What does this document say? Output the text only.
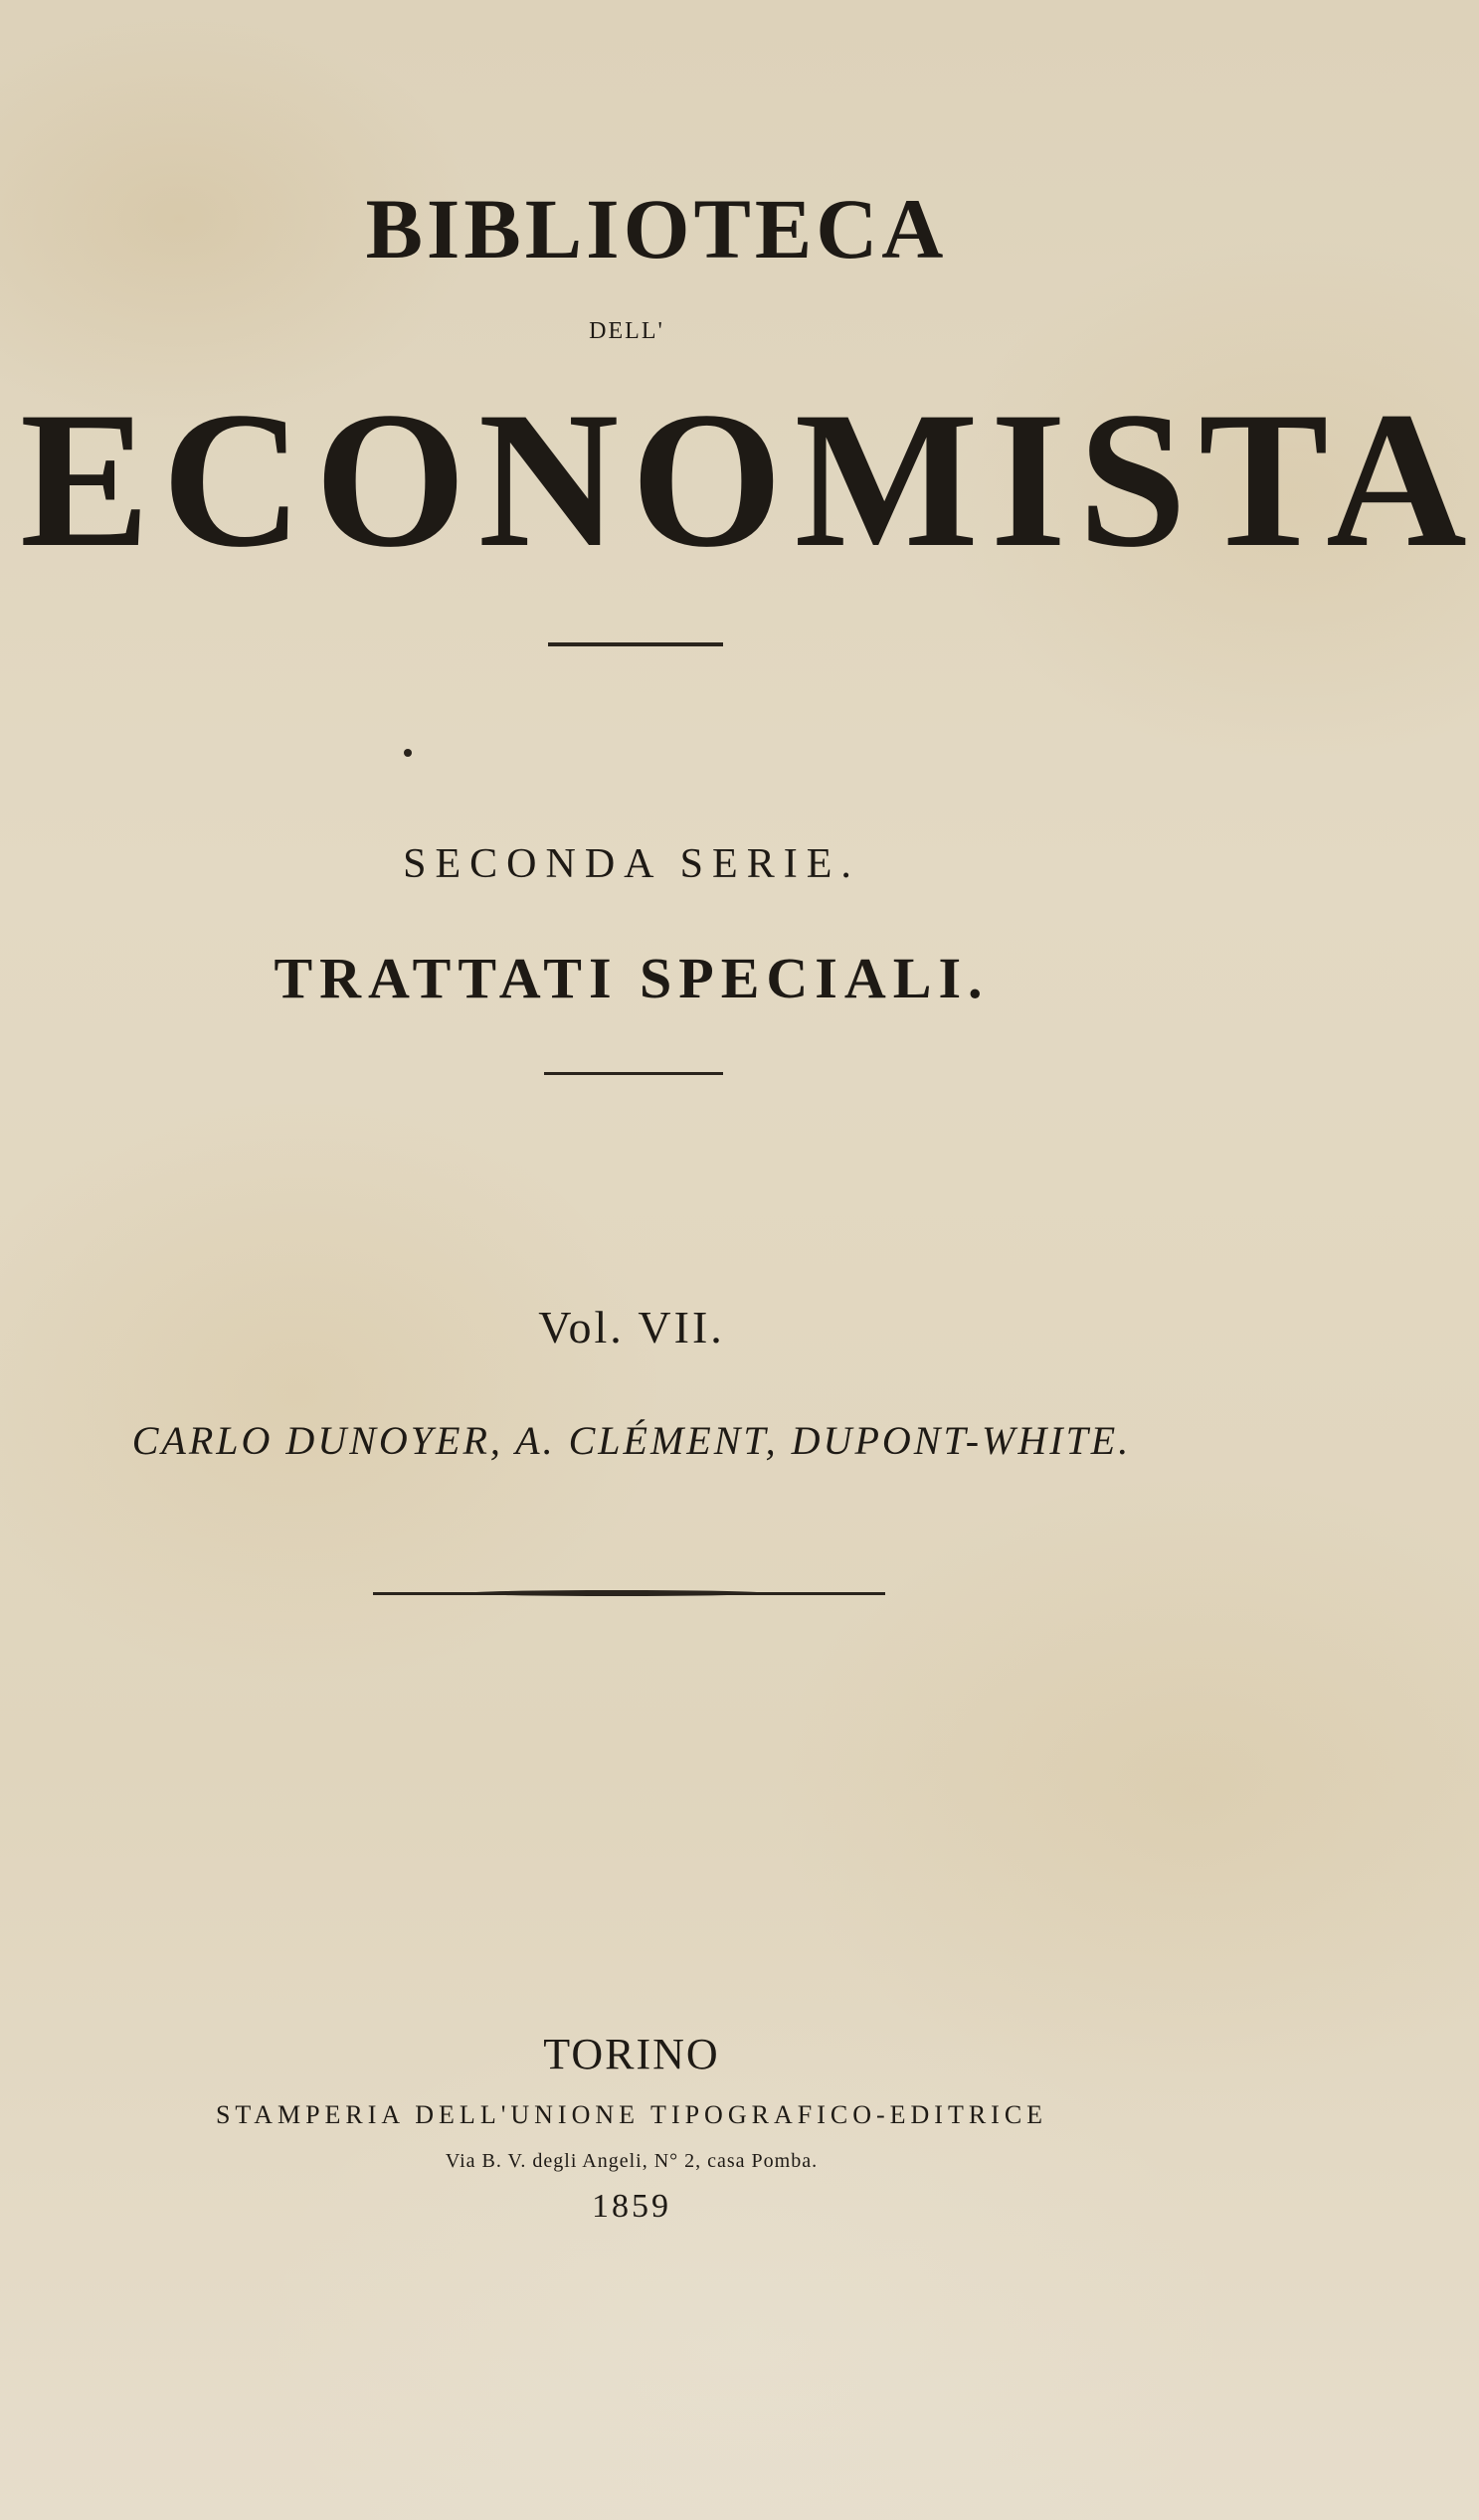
BIBLIOTECA
DELL'
ECONOMISTA
SECONDA SERIE.
TRATTATI SPECIALI.
Vol. VII.
CARLO DUNOYER, A. CLÉMENT, DUPONT-WHITE.
TORINO
STAMPERIA DELL'UNIONE TIPOGRAFICO-EDITRICE
Via B. V. degli Angeli, N° 2, casa Pomba.
1859
